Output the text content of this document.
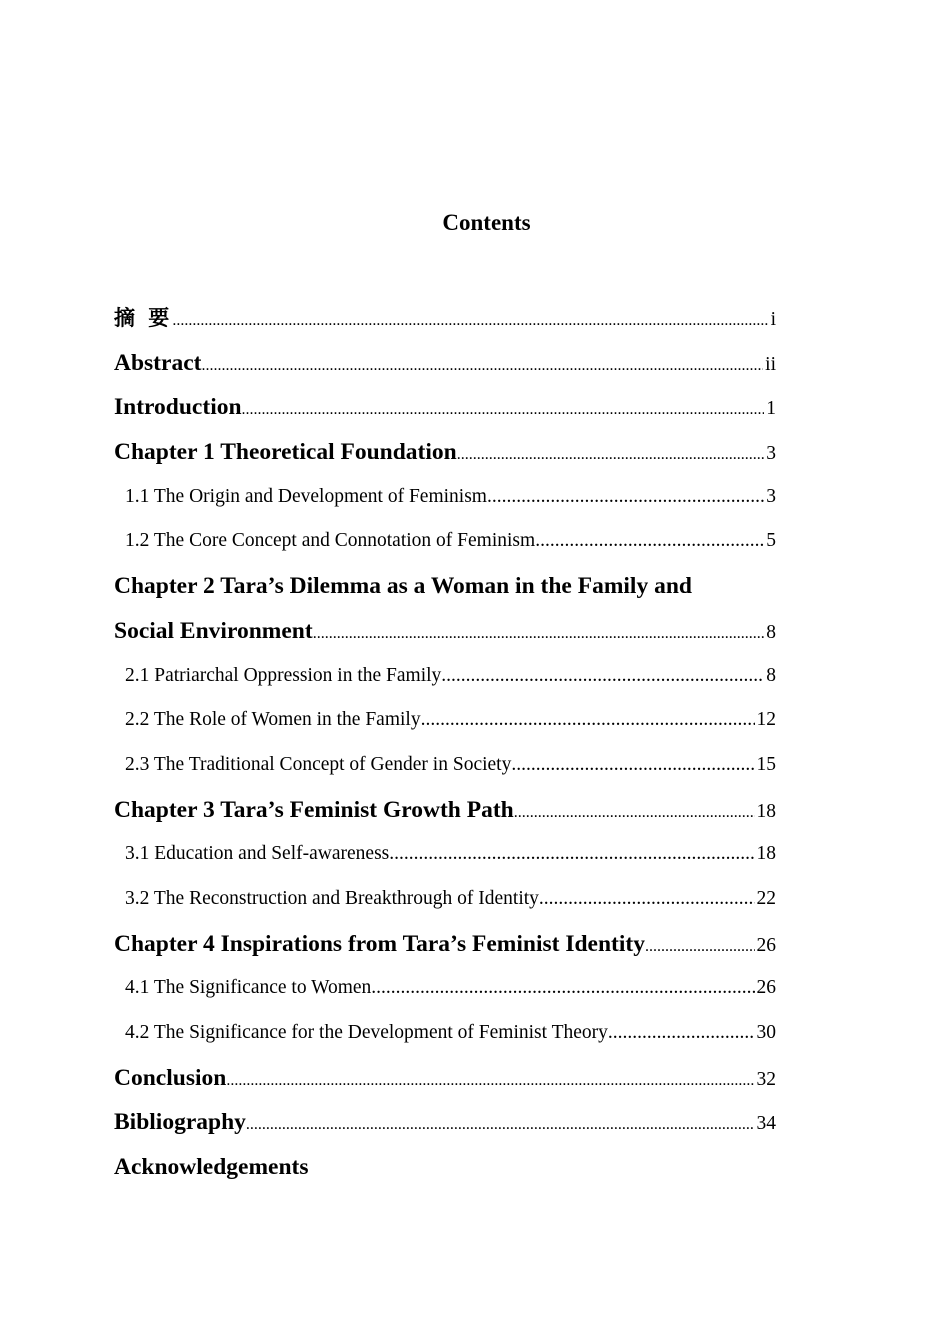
Contents
摘 要 .....	i
Abstract .....	ii
Introduction .....	1
Chapter 1 Theoretical Foundation .....	3
1.1 The Origin and Development of Feminism .....	3
1.2 The Core Concept and Connotation of Feminism .....	5
Chapter 2 Tara’s Dilemma as a Woman in the Family and
Social Environment .....	8
2.1 Patriarchal Oppression in the Family .....	8
2.2 The Role of Women in the Family .....	12
2.3 The Traditional Concept of Gender in Society .....	15
Chapter 3 Tara’s Feminist Growth Path .....	18
3.1 Education and Self-awareness .....	18
3.2 The Reconstruction and Breakthrough of Identity .....	22
Chapter 4 Inspirations from Tara’s Feminist Identity .....	26
4.1 The Significance to Women .....	26
4.2 The Significance for the Development of Feminist Theory .....	30
Conclusion .....	32
Bibliography .....	34
Acknowledgements
